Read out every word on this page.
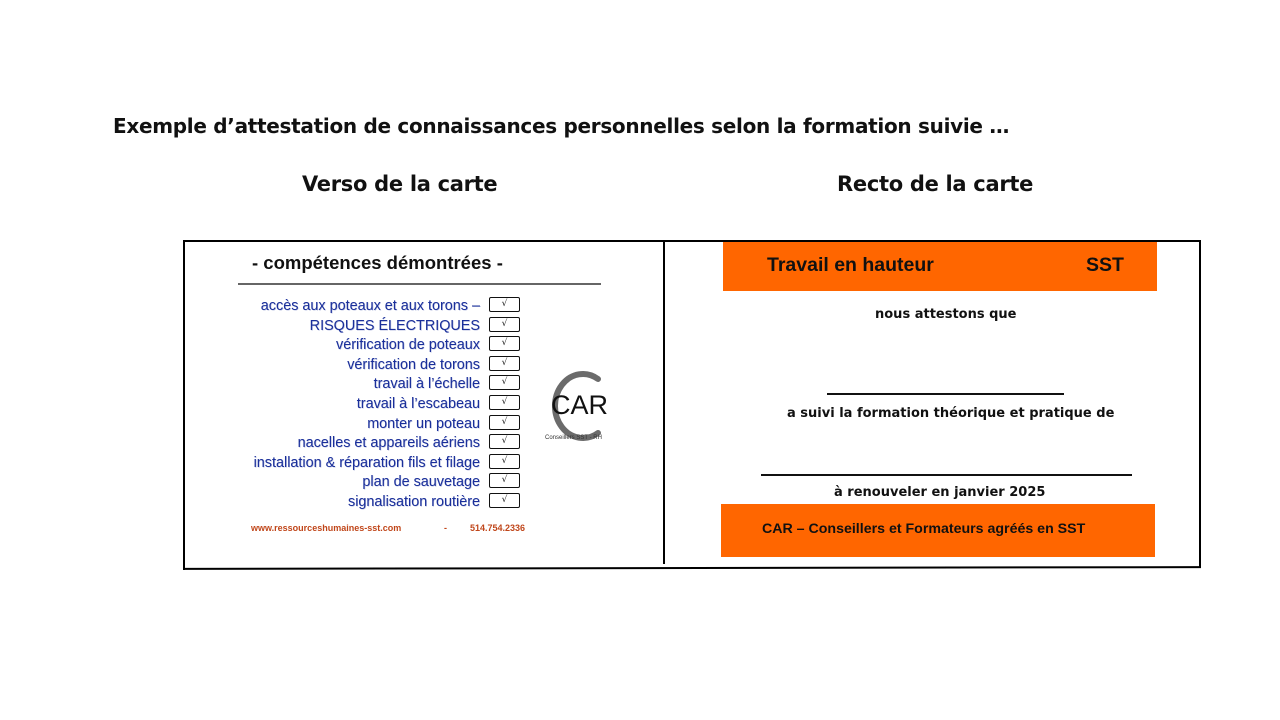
Exemple d’attestation de connaissances personnelles selon la formation suivie …
Verso de la carte	Recto de la carte
- compétences démontrées -
accès aux poteaux et aux torons –	√
RISQUES ÉLECTRIQUES	√
vérification de poteaux	√
vérification de torons	√
travail à l’échelle	√
travail à l’escabeau	√
monter un poteau	√
nacelles et appareils aériens	√
installation & réparation fils et filage	√
plan de sauvetage	√
signalisation routière	√
CAR
Conseillers SST - RH
www.ressourceshumaines-sst.com	-	514.754.2336
Travail en hauteur	SST
nous attestons que
a suivi la formation théorique et pratique de
à renouveler en janvier 2025
CAR – Conseillers et Formateurs agréés en SST
